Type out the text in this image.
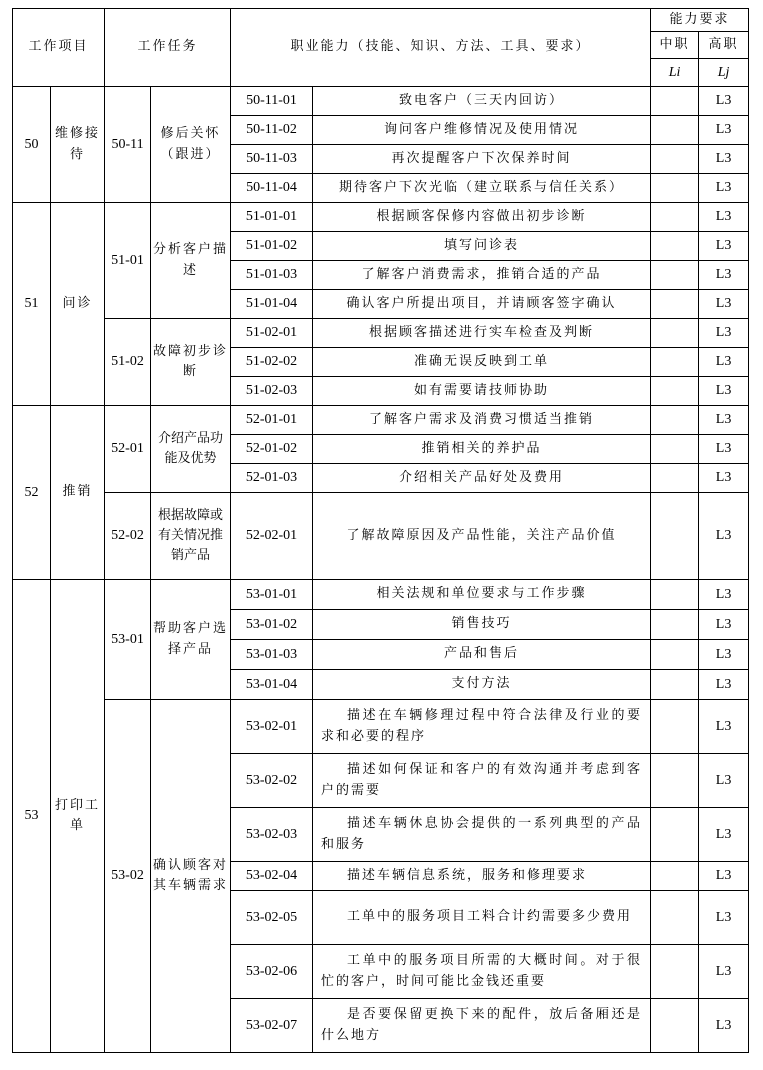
工作项目		工作任务		职业能力（技能、知识、方法、工具、要求）		能力要求	
						中职	高职
						Li	Lj
50	维修接待	50-11	修后关怀（跟进）	50-11-01	致电客户（三天内回访）		L3
				50-11-02	询问客户维修情况及使用情况		L3
				50-11-03	再次提醒客户下次保养时间		L3
				50-11-04	期待客户下次光临（建立联系与信任关系）		L3
51	问诊	51-01	分析客户描述	51-01-01	根据顾客保修内容做出初步诊断		L3
				51-01-02	填写问诊表		L3
				51-01-03	了解客户消费需求，推销合适的产品		L3
				51-01-04	确认客户所提出项目，并请顾客签字确认		L3
		51-02	故障初步诊断	51-02-01	根据顾客描述进行实车检查及判断		L3
				51-02-02	准确无误反映到工单		L3
				51-02-03	如有需要请技师协助		L3
52	推销	52-01	介绍产品功能及优势	52-01-01	了解客户需求及消费习惯适当推销		L3
				52-01-02	推销相关的养护品		L3
				52-01-03	介绍相关产品好处及费用		L3
		52-02	根据故障或有关情况推销产品	52-02-01	了解故障原因及产品性能，关注产品价值		L3
53	打印工单	53-01	帮助客户选择产品	53-01-01	相关法规和单位要求与工作步骤		L3
				53-01-02	销售技巧		L3
				53-01-03	产品和售后		L3
				53-01-04	支付方法		L3
		53-02	确认顾客对其车辆需求	53-02-01	描述在车辆修理过程中符合法律及行业的要求和必要的程序		L3
				53-02-02	描述如何保证和客户的有效沟通并考虑到客户的需要		L3
				53-02-03	描述车辆休息协会提供的一系列典型的产品和服务		L3
				53-02-04	描述车辆信息系统，服务和修理要求		L3
				53-02-05	工单中的服务项目工料合计约需要多少费用		L3
				53-02-06	工单中的服务项目所需的大概时间。对于很忙的客户，时间可能比金钱还重要		L3
				53-02-07	是否要保留更换下来的配件，放后备厢还是什么地方		L3
